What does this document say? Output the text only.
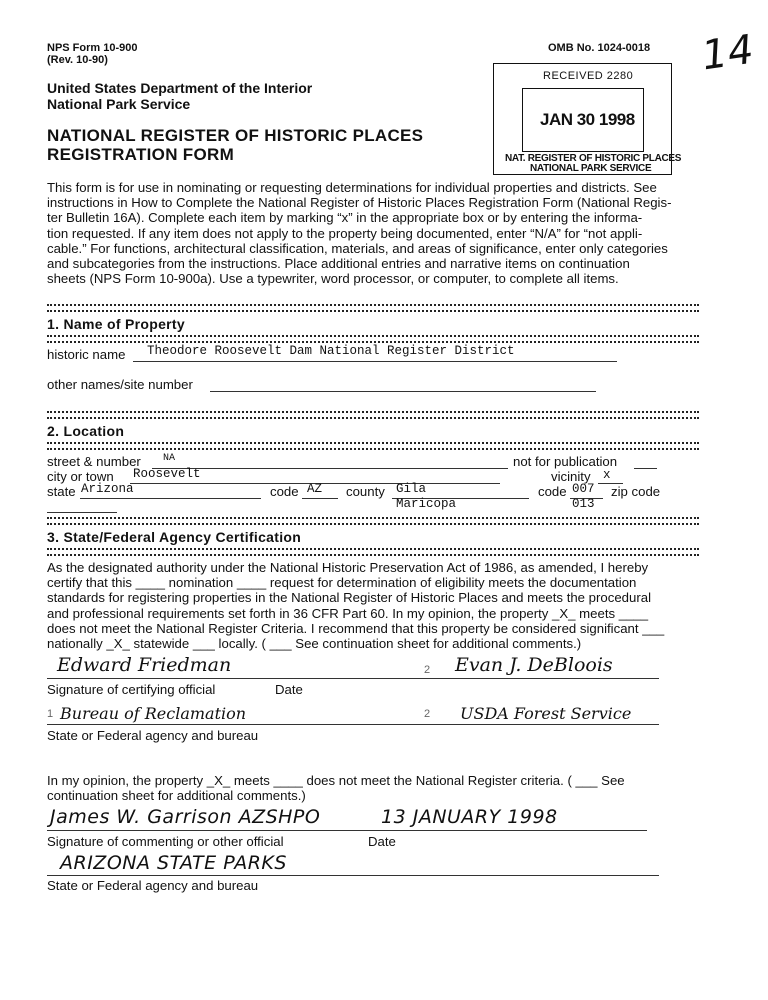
NPS Form 10-900
(Rev. 10-90)
OMB No. 1024-0018 14
United States Department of the Interior
National Park Service
NATIONAL REGISTER OF HISTORIC PLACES
REGISTRATION FORM
RECEIVED 2280
JAN 30 1998
NAT. REGISTER OF HISTORIC PLACES
NATIONAL PARK SERVICE
This form is for use in nominating or requesting determinations for individual properties and districts. See
instructions in How to Complete the National Register of Historic Places Registration Form (National Regis-
ter Bulletin 16A). Complete each item by marking “x” in the appropriate box or by entering the informa-
tion requested. If any item does not apply to the property being documented, enter “N/A” for “not appli-
cable.” For functions, architectural classification, materials, and areas of significance, enter only categories
and subcategories from the instructions. Place additional entries and narrative items on continuation
sheets (NPS Form 10-900a). Use a typewriter, word processor, or computer, to complete all items.
1. Name of Property
historic name Theodore Roosevelt Dam National Register District
other names/site number
2. Location
street & number NA	not for publication
city or town Roosevelt	vicinity x
state Arizona	code AZ county Gila	code 007 zip code
Maricopa	013
3. State/Federal Agency Certification
As the designated authority under the National Historic Preservation Act of 1986, as amended, I hereby
certify that this ____ nomination ____ request for determination of eligibility meets the documentation
standards for registering properties in the National Register of Historic Places and meets the procedural
and professional requirements set forth in 36 CFR Part 60. In my opinion, the property _X_ meets ____
does not meet the National Register Criteria. I recommend that this property be considered significant ___
nationally _X_ statewide ___ locally. ( ___ See continuation sheet for additional comments.)
Edward Friedman	2 Evan J. DeBloois
Signature of certifying official	Date
1 Bureau of Reclamation	2 USDA Forest Service
State or Federal agency and bureau
In my opinion, the property _X_ meets ____ does not meet the National Register criteria. ( ___ See
continuation sheet for additional comments.)
James W. Garrison AZSHPO	13 JANUARY 1998
Signature of commenting or other official	Date
ARIZONA STATE PARKS
State or Federal agency and bureau
